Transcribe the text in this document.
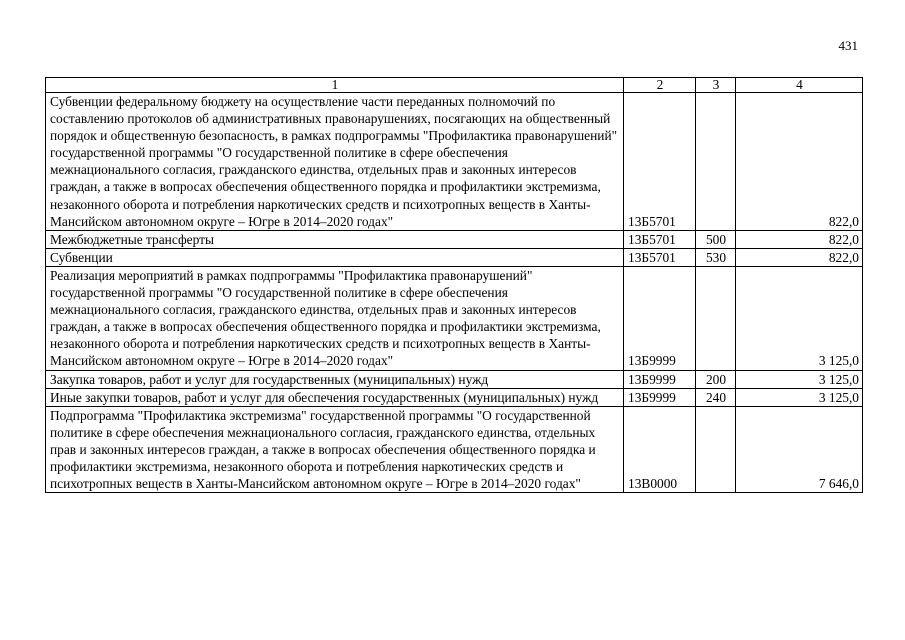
431
1	2	3	4
Субвенции федеральному бюджету на осуществление части переданных полномочий по составлению протоколов об административных правонарушениях, посягающих на общественный порядок и общественную безопасность, в рамках подпрограммы "Профилактика правонарушений" государственной программы "О государственной политике в сфере обеспечения межнационального согласия, гражданского единства, отдельных прав и законных интересов граждан, а также в вопросах обеспечения общественного порядка и профилактики экстремизма, незаконного оборота и потребления наркотических средств и психотропных веществ в Ханты-Мансийском автономном округе – Югре в 2014–2020 годах"	13Б5701		822,0
Межбюджетные трансферты	13Б5701	500	822,0
Субвенции	13Б5701	530	822,0
Реализация мероприятий в рамках подпрограммы "Профилактика правонарушений" государственной программы "О государственной политике в сфере обеспечения межнационального согласия, гражданского единства, отдельных прав и законных интересов граждан, а также в вопросах обеспечения общественного порядка и профилактики экстремизма, незаконного оборота и потребления наркотических средств и психотропных веществ в Ханты-Мансийском автономном округе – Югре в 2014–2020 годах"	13Б9999		3 125,0
Закупка товаров, работ и услуг для государственных (муниципальных) нужд	13Б9999	200	3 125,0
Иные закупки товаров, работ и услуг для обеспечения государственных (муниципальных) нужд	13Б9999	240	3 125,0
Подпрограмма "Профилактика экстремизма" государственной программы "О государственной политике в сфере обеспечения межнационального согласия, гражданского единства, отдельных прав и законных интересов граждан, а также в вопросах обеспечения общественного порядка и профилактики экстремизма, незаконного оборота и потребления наркотических средств и психотропных веществ в Ханты-Мансийском автономном округе – Югре в 2014–2020 годах"	13В0000		7 646,0
